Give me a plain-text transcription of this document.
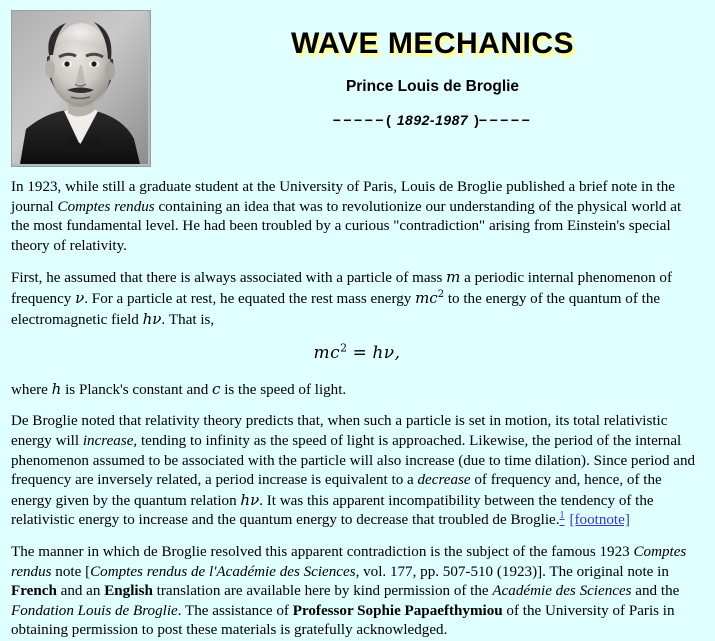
WAVE MECHANICS
Prince Louis de Broglie
−−−−−( 1892-1987 )−−−−−

In 1923, while still a graduate student at the University of Paris, Louis de Broglie published a brief note in the journal Comptes rendus containing an idea that was to revolutionize our understanding of the physical world at the most fundamental level. He had been troubled by a curious "contradiction" arising from Einstein's special theory of relativity.

First, he assumed that there is always associated with a particle of mass m a periodic internal phenomenon of frequency ν. For a particle at rest, he equated the rest mass energy $mc^2$ to the energy of the quantum of the electromagnetic field hν. That is,

$mc^2 = h\nu$,

where h is Planck's constant and c is the speed of light.

De Broglie noted that relativity theory predicts that, when such a particle is set in motion, its total relativistic energy will increase, tending to infinity as the speed of light is approached. Likewise, the period of the internal phenomenon assumed to be associated with the particle will also increase (due to time dilation). Since period and frequency are inversely related, a period increase is equivalent to a decrease of frequency and, hence, of the energy given by the quantum relation hν. It was this apparent incompatibility between the tendency of the relativistic energy to increase and the quantum energy to decrease that troubled de Broglie.$^1$ [footnote]

The manner in which de Broglie resolved this apparent contradiction is the subject of the famous 1923 Comptes rendus note [Comptes rendus de l'Académie des Sciences, vol. 177, pp. 507-510 (1923)]. The original note in French and an English translation are available here by kind permission of the Académie des Sciences and the Fondation Louis de Broglie. The assistance of Professor Sophie Papaefthymiou of the University of Paris in obtaining permission to post these materials is gratefully acknowledged.
